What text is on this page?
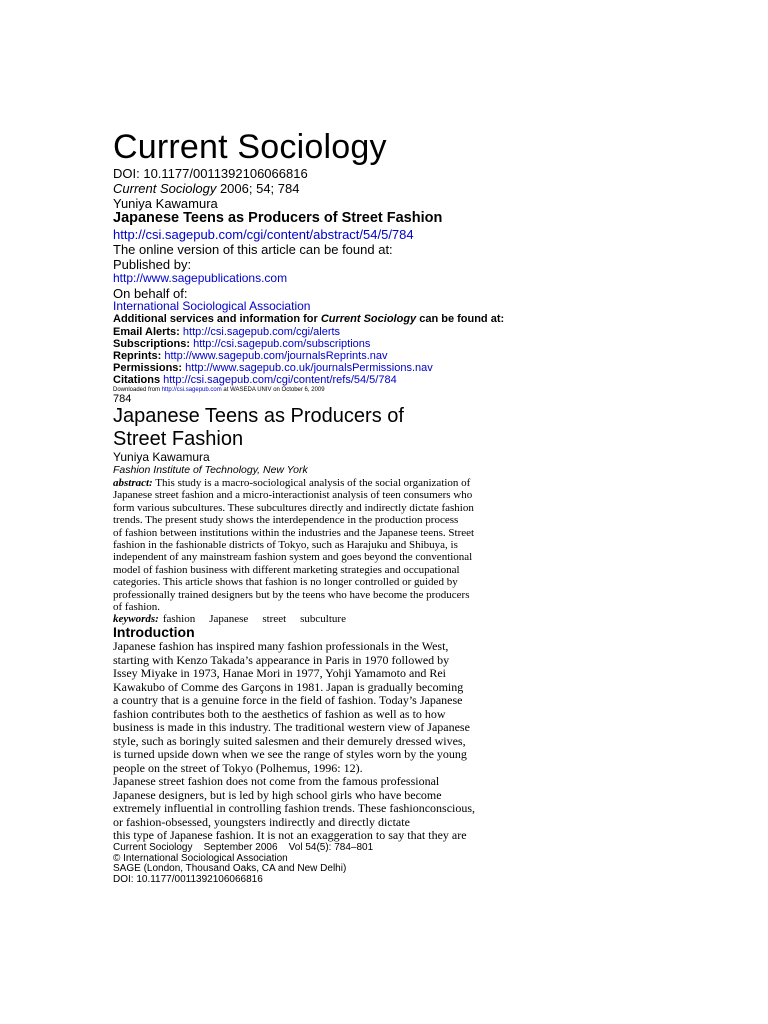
Current Sociology
DOI: 10.1177/0011392106066816
Current Sociology 2006; 54; 784
Yuniya Kawamura
Japanese Teens as Producers of Street Fashion
http://csi.sagepub.com/cgi/content/abstract/54/5/784
The online version of this article can be found at:
Published by:
http://www.sagepublications.com
On behalf of:
International Sociological Association
Additional services and information for Current Sociology can be found at:
Email Alerts: http://csi.sagepub.com/cgi/alerts
Subscriptions: http://csi.sagepub.com/subscriptions
Reprints: http://www.sagepub.com/journalsReprints.nav
Permissions: http://www.sagepub.co.uk/journalsPermissions.nav
Citations http://csi.sagepub.com/cgi/content/refs/54/5/784
Downloaded from http://csi.sagepub.com at WASEDA UNIV on October 6, 2009
784
Japanese Teens as Producers of
Street Fashion
Yuniya Kawamura
Fashion Institute of Technology, New York
abstract: This study is a macro-sociological analysis of the social organization of
Japanese street fashion and a micro-interactionist analysis of teen consumers who
form various subcultures. These subcultures directly and indirectly dictate fashion
trends. The present study shows the interdependence in the production process
of fashion between institutions within the industries and the Japanese teens. Street
fashion in the fashionable districts of Tokyo, such as Harajuku and Shibuya, is
independent of any mainstream fashion system and goes beyond the conventional
model of fashion business with different marketing strategies and occupational
categories. This article shows that fashion is no longer controlled or guided by
professionally trained designers but by the teens who have become the producers
of fashion.
keywords: fashion Japanese street subculture
Introduction
Japanese fashion has inspired many fashion professionals in the West,
starting with Kenzo Takada’s appearance in Paris in 1970 followed by
Issey Miyake in 1973, Hanae Mori in 1977, Yohji Yamamoto and Rei
Kawakubo of Comme des Garçons in 1981. Japan is gradually becoming
a country that is a genuine force in the field of fashion. Today’s Japanese
fashion contributes both to the aesthetics of fashion as well as to how
business is made in this industry. The traditional western view of Japanese
style, such as boringly suited salesmen and their demurely dressed wives,
is turned upside down when we see the range of styles worn by the young
people on the street of Tokyo (Polhemus, 1996: 12).
Japanese street fashion does not come from the famous professional
Japanese designers, but is led by high school girls who have become
extremely influential in controlling fashion trends. These fashionconscious,
or fashion-obsessed, youngsters indirectly and directly dictate
this type of Japanese fashion. It is not an exaggeration to say that they are
Current Sociology    September 2006    Vol 54(5): 784–801
© International Sociological Association
SAGE (London, Thousand Oaks, CA and New Delhi)
DOI: 10.1177/0011392106066816
